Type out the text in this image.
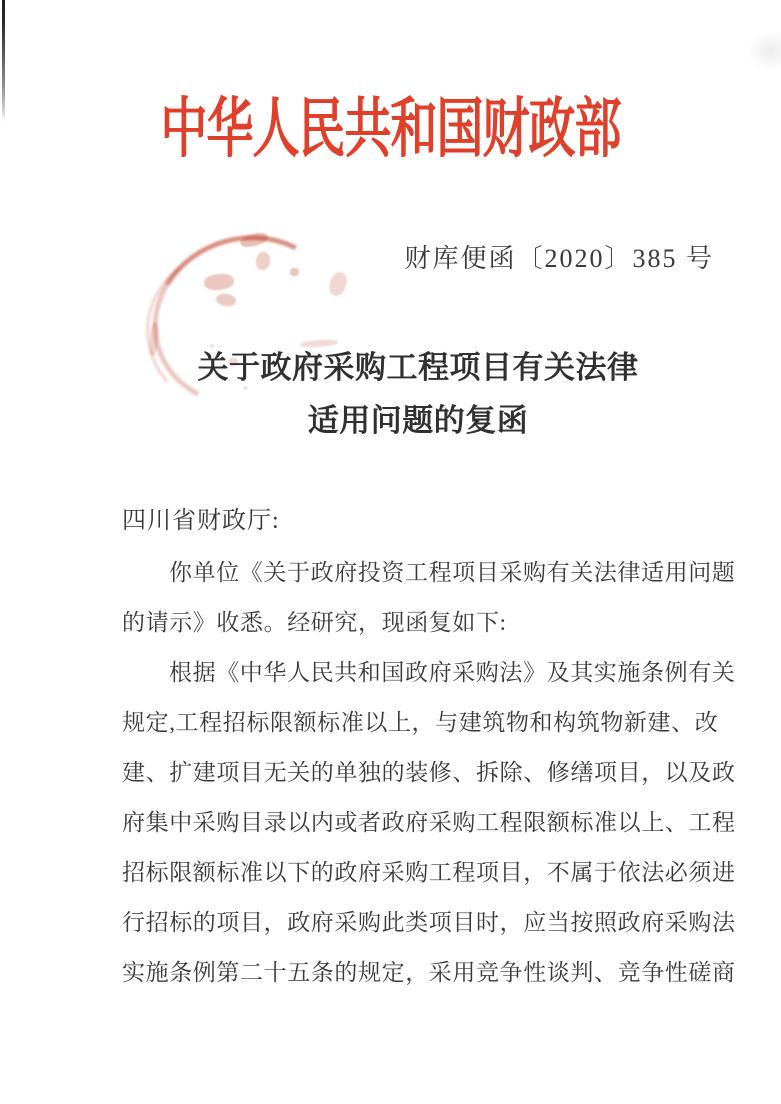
中华人民共和国财政部
财库便函〔2020〕385 号
关于政府采购工程项目有关法律
适用问题的复函
四川省财政厅:
你单位《关于政府投资工程项目采购有关法律适用问题
的请示》收悉。经研究，现函复如下:
根据《中华人民共和国政府采购法》及其实施条例有关
规定,工程招标限额标准以上，与建筑物和构筑物新建、改
建、扩建项目无关的单独的装修、拆除、修缮项目，以及政
府集中采购目录以内或者政府采购工程限额标准以上、工程
招标限额标准以下的政府采购工程项目，不属于依法必须进
行招标的项目，政府采购此类项目时，应当按照政府采购法
实施条例第二十五条的规定，采用竞争性谈判、竞争性磋商
